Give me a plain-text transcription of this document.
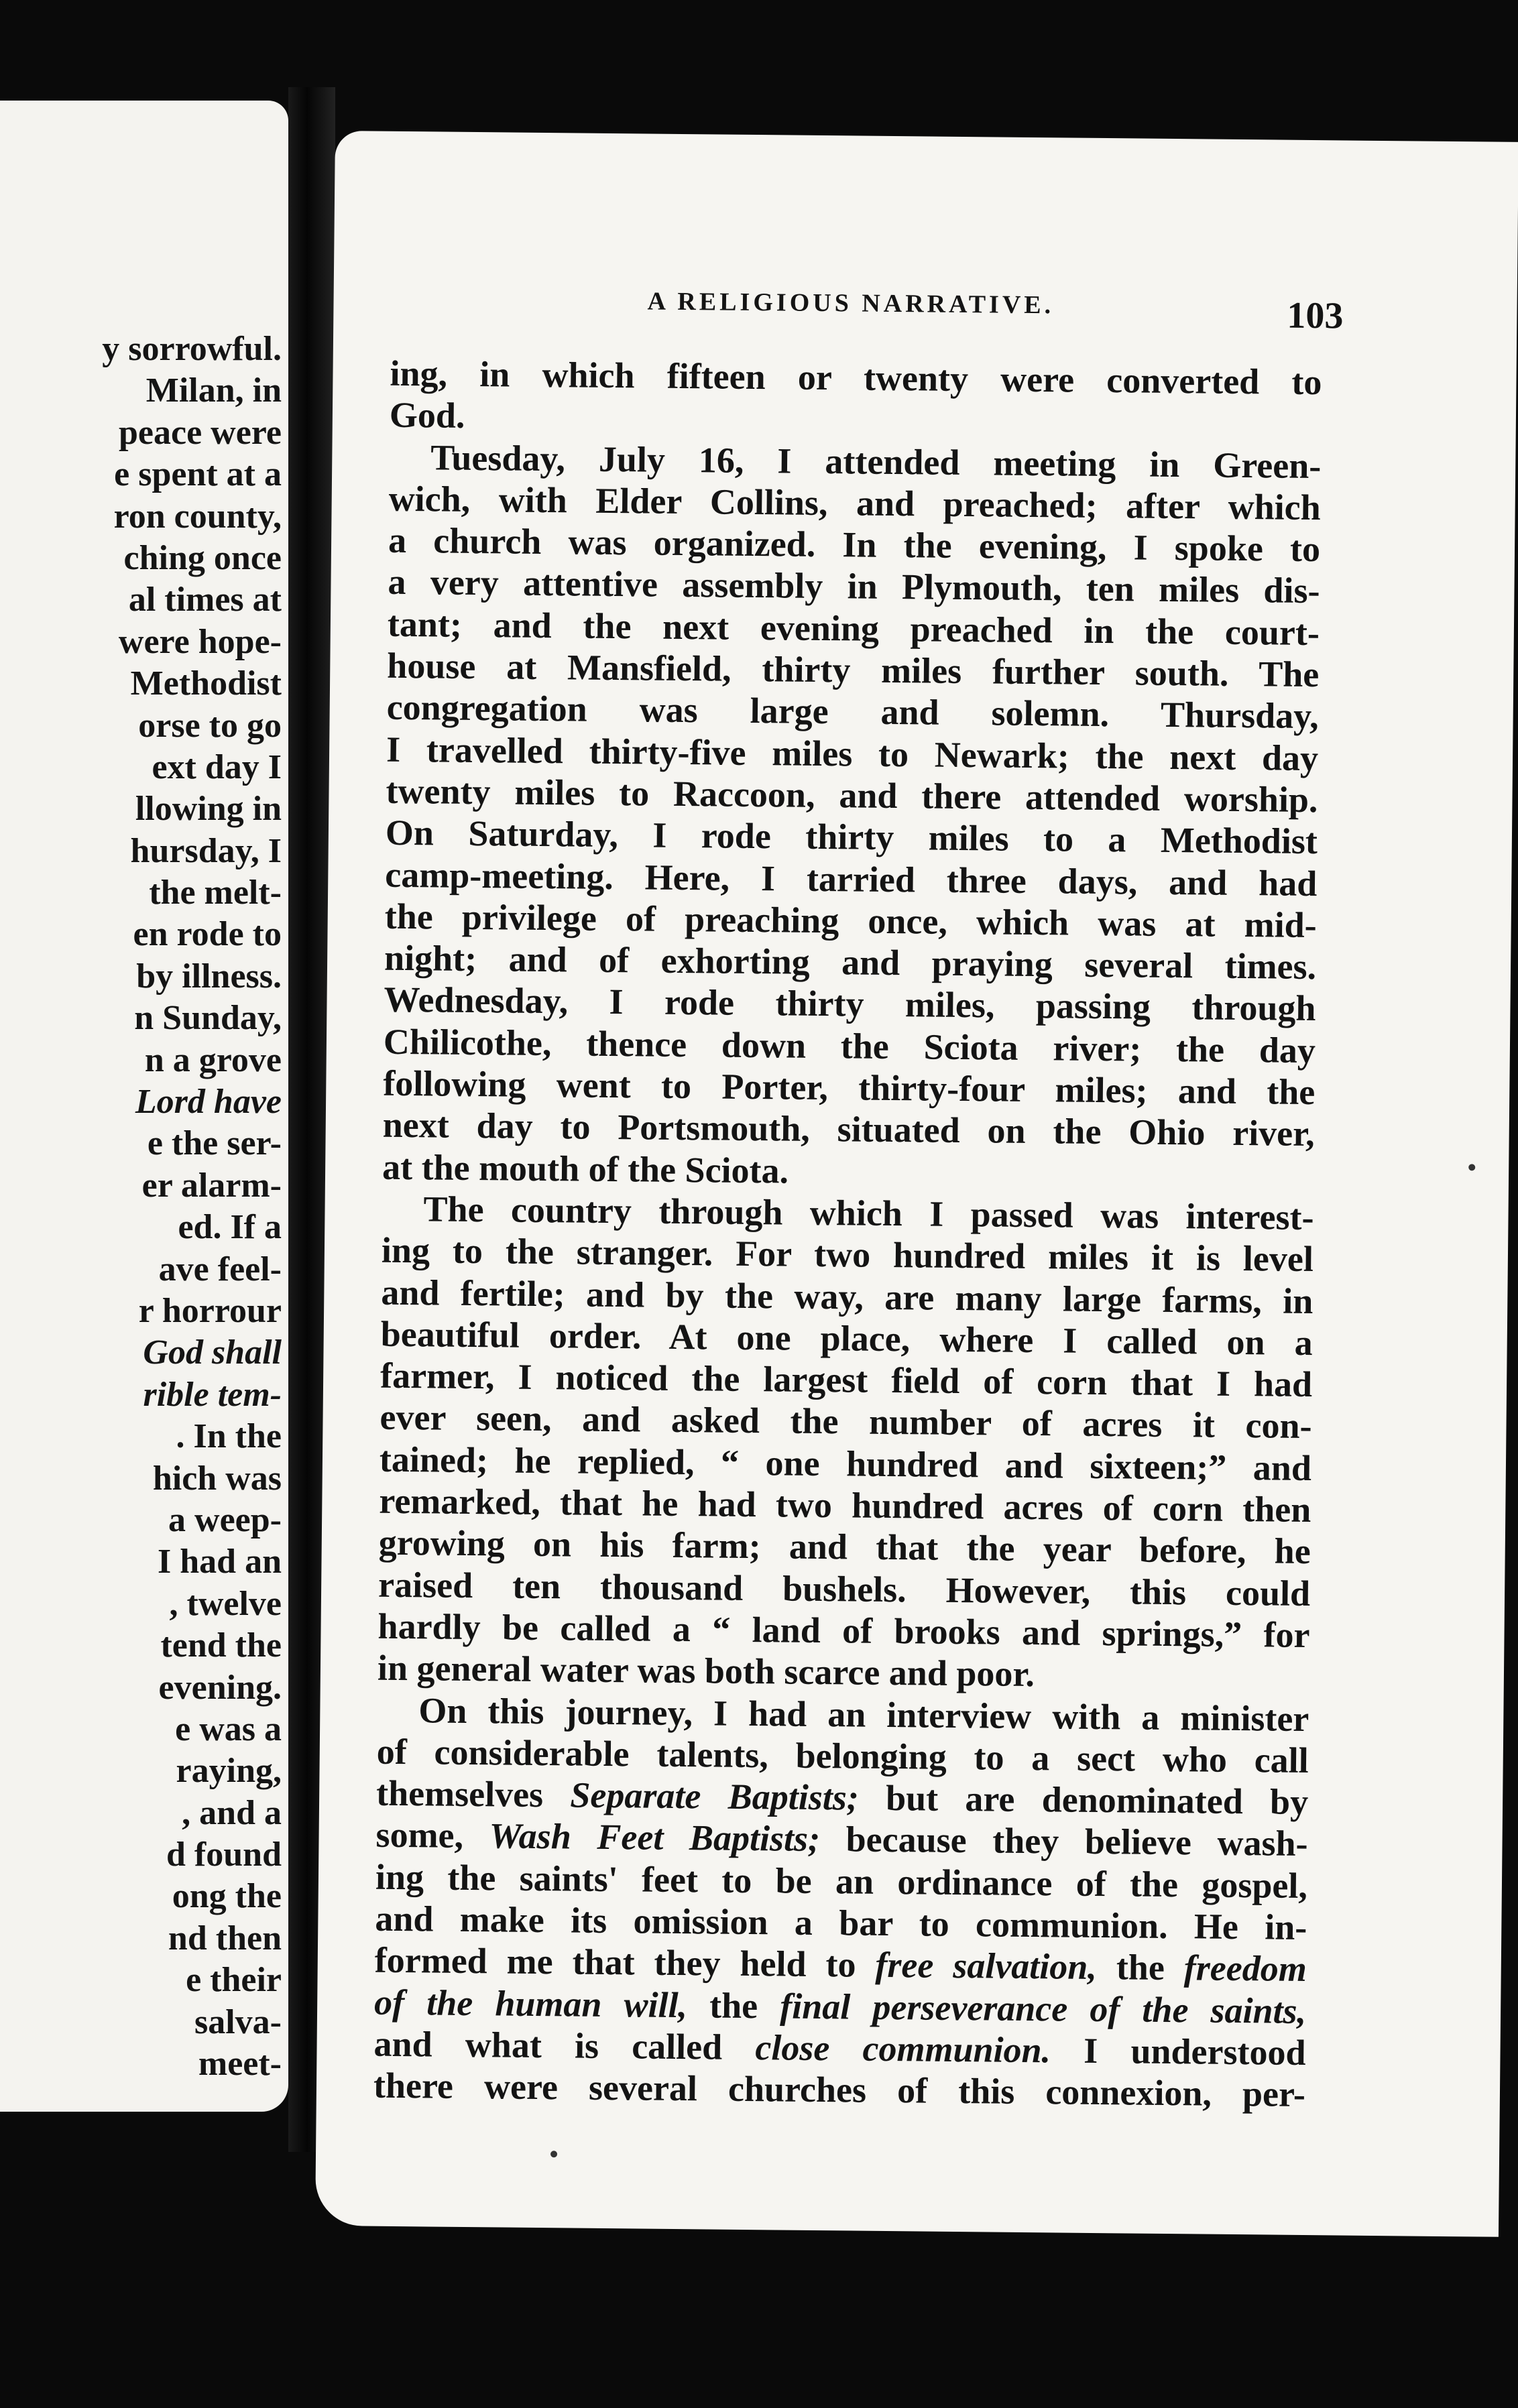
y sorrowful.
Milan, in
peace were
e spent at a
ron county,
ching once
al times at
were hope-
Methodist
orse to go
ext day I
llowing in
hursday, I
the melt-
en rode to
by illness.
n Sunday,
n a grove
Lord have
e the ser-
er alarm-
ed. If a
ave feel-
r horrour
God shall
rible tem-
. In the
hich was
a weep-
I had an
, twelve
tend the
evening.
e was a
raying,
, and a
d found
ong the
nd then
e their
salva-
meet-
A RELIGIOUS NARRATIVE.	103
ing, in which fifteen or twenty were converted to
God.
Tuesday, July 16, I attended meeting in Green-
wich, with Elder Collins, and preached; after which
a church was organized. In the evening, I spoke to
a very attentive assembly in Plymouth, ten miles dis-
tant; and the next evening preached in the court-
house at Mansfield, thirty miles further south. The
congregation was large and solemn. Thursday,
I travelled thirty-five miles to Newark; the next day
twenty miles to Raccoon, and there attended worship.
On Saturday, I rode thirty miles to a Methodist
camp-meeting. Here, I tarried three days, and had
the privilege of preaching once, which was at mid-
night; and of exhorting and praying several times.
Wednesday, I rode thirty miles, passing through
Chilicothe, thence down the Sciota river; the day
following went to Porter, thirty-four miles; and the
next day to Portsmouth, situated on the Ohio river,
at the mouth of the Sciota.
The country through which I passed was interest-
ing to the stranger. For two hundred miles it is level
and fertile; and by the way, are many large farms, in
beautiful order. At one place, where I called on a
farmer, I noticed the largest field of corn that I had
ever seen, and asked the number of acres it con-
tained; he replied, “ one hundred and sixteen;” and
remarked, that he had two hundred acres of corn then
growing on his farm; and that the year before, he
raised ten thousand bushels. However, this could
hardly be called a “ land of brooks and springs,” for
in general water was both scarce and poor.
On this journey, I had an interview with a minister
of considerable talents, belonging to a sect who call
themselves Separate Baptists; but are denominated by
some, Wash Feet Baptists; because they believe wash-
ing the saints' feet to be an ordinance of the gospel,
and make its omission a bar to communion. He in-
formed me that they held to free salvation, the freedom
of the human will, the final perseverance of the saints,
and what is called close communion. I understood
there were several churches of this connexion, per-
